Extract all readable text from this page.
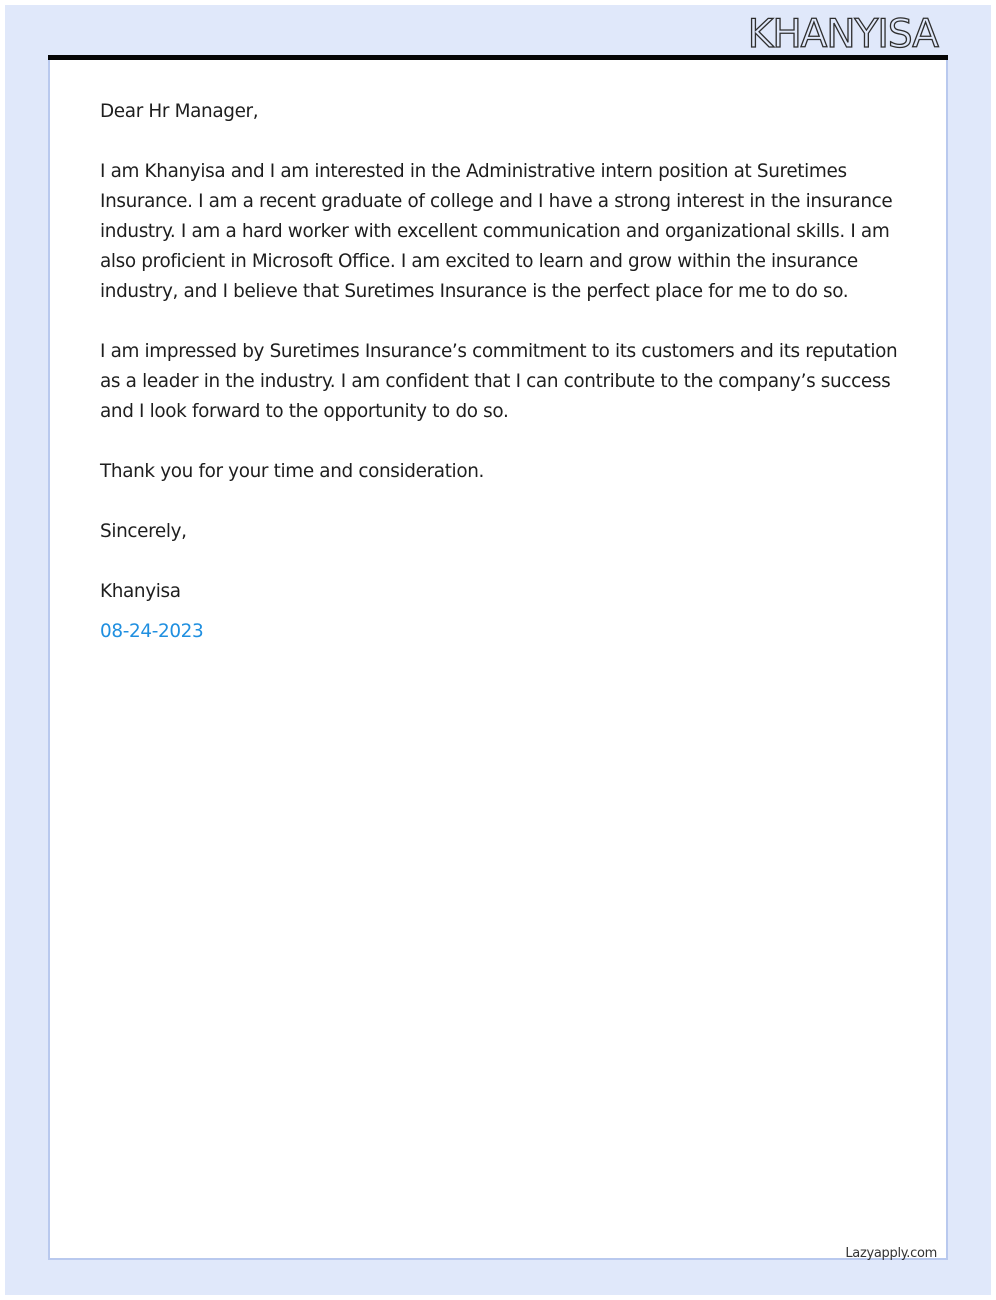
KHANYISA

Dear Hr Manager,

I am Khanyisa and I am interested in the Administrative intern position at Suretimes Insurance. I am a recent graduate of college and I have a strong interest in the insurance industry. I am a hard worker with excellent communication and organizational skills. I am also proficient in Microsoft Office. I am excited to learn and grow within the insurance industry, and I believe that Suretimes Insurance is the perfect place for me to do so.

I am impressed by Suretimes Insurance’s commitment to its customers and its reputation as a leader in the industry. I am confident that I can contribute to the company’s success and I look forward to the opportunity to do so.

Thank you for your time and consideration.

Sincerely,

Khanyisa

08-24-2023

Lazyapply.com
